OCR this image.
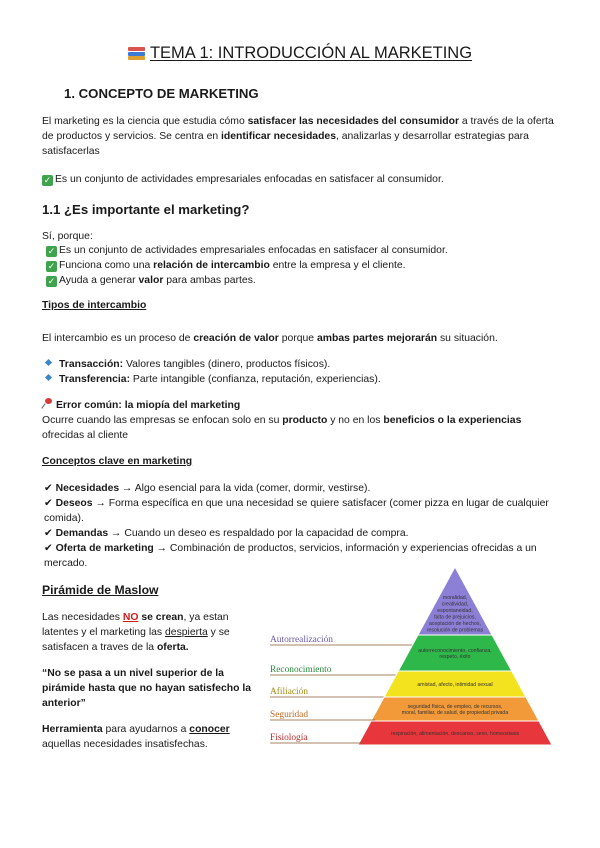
TEMA 1: INTRODUCCIÓN AL MARKETING
1. CONCEPTO DE MARKETING

El marketing es la ciencia que estudia cómo satisfacer las necesidades del consumidor a través de la oferta de productos y servicios. Se centra en identificar necesidades, analizarlas y desarrollar estrategias para satisfacerlas

✓ Es un conjunto de actividades empresariales enfocadas en satisfacer al consumidor.

1.1 ¿Es importante el marketing?

Sí, porque:

✓ Es un conjunto de actividades empresariales enfocadas en satisfacer al consumidor.

✓ Funciona como una relación de intercambio entre la empresa y el cliente.

✓ Ayuda a generar valor para ambas partes.

Tipos de intercambio

El intercambio es un proceso de creación de valor porque ambas partes mejorarán su situación.

Transacción: Valores tangibles (dinero, productos físicos).

Transferencia: Parte intangible (confianza, reputación, experiencias).

Error común: la miopía del marketing

Ocurre cuando las empresas se enfocan solo en su producto y no en los beneficios o la experiencias ofrecidas al cliente

Conceptos clave en marketing

✔ Necesidades → Algo esencial para la vida (comer, dormir, vestirse).

✔ Deseos → Forma específica en que una necesidad se quiere satisfacer (comer pizza en lugar de cualquier comida).

✔ Demandas → Cuando un deseo es respaldado por la capacidad de compra.

✔ Oferta de marketing → Combinación de productos, servicios, información y experiencias ofrecidas a un mercado.

Pirámide de Maslow

Las necesidades NO se crean, ya estan latentes y el marketing las despierta y se satisfacen a traves de la oferta.

“No se pasa a un nivel superior de la pirámide hasta que no hayan satisfecho la anterior”

Herramienta para ayudarnos a conocer aquellas necesidades insatisfechas.

moralidad,
creatividad,
espontaneidad,
falta de prejuicios,
aceptación de hechos,
resolución de problemas
Autorrealización
autorreconocimiento, confianza,
respeto, éxito
Reconocimiento
amistad, afecto, intimidad sexual
Afiliación
seguridad física, de empleo, de recursos,
moral, familiar, de salud, de propiedad privada
Seguridad
respiración, alimentación, descanso, sexo, homeostasis
Fisiología
